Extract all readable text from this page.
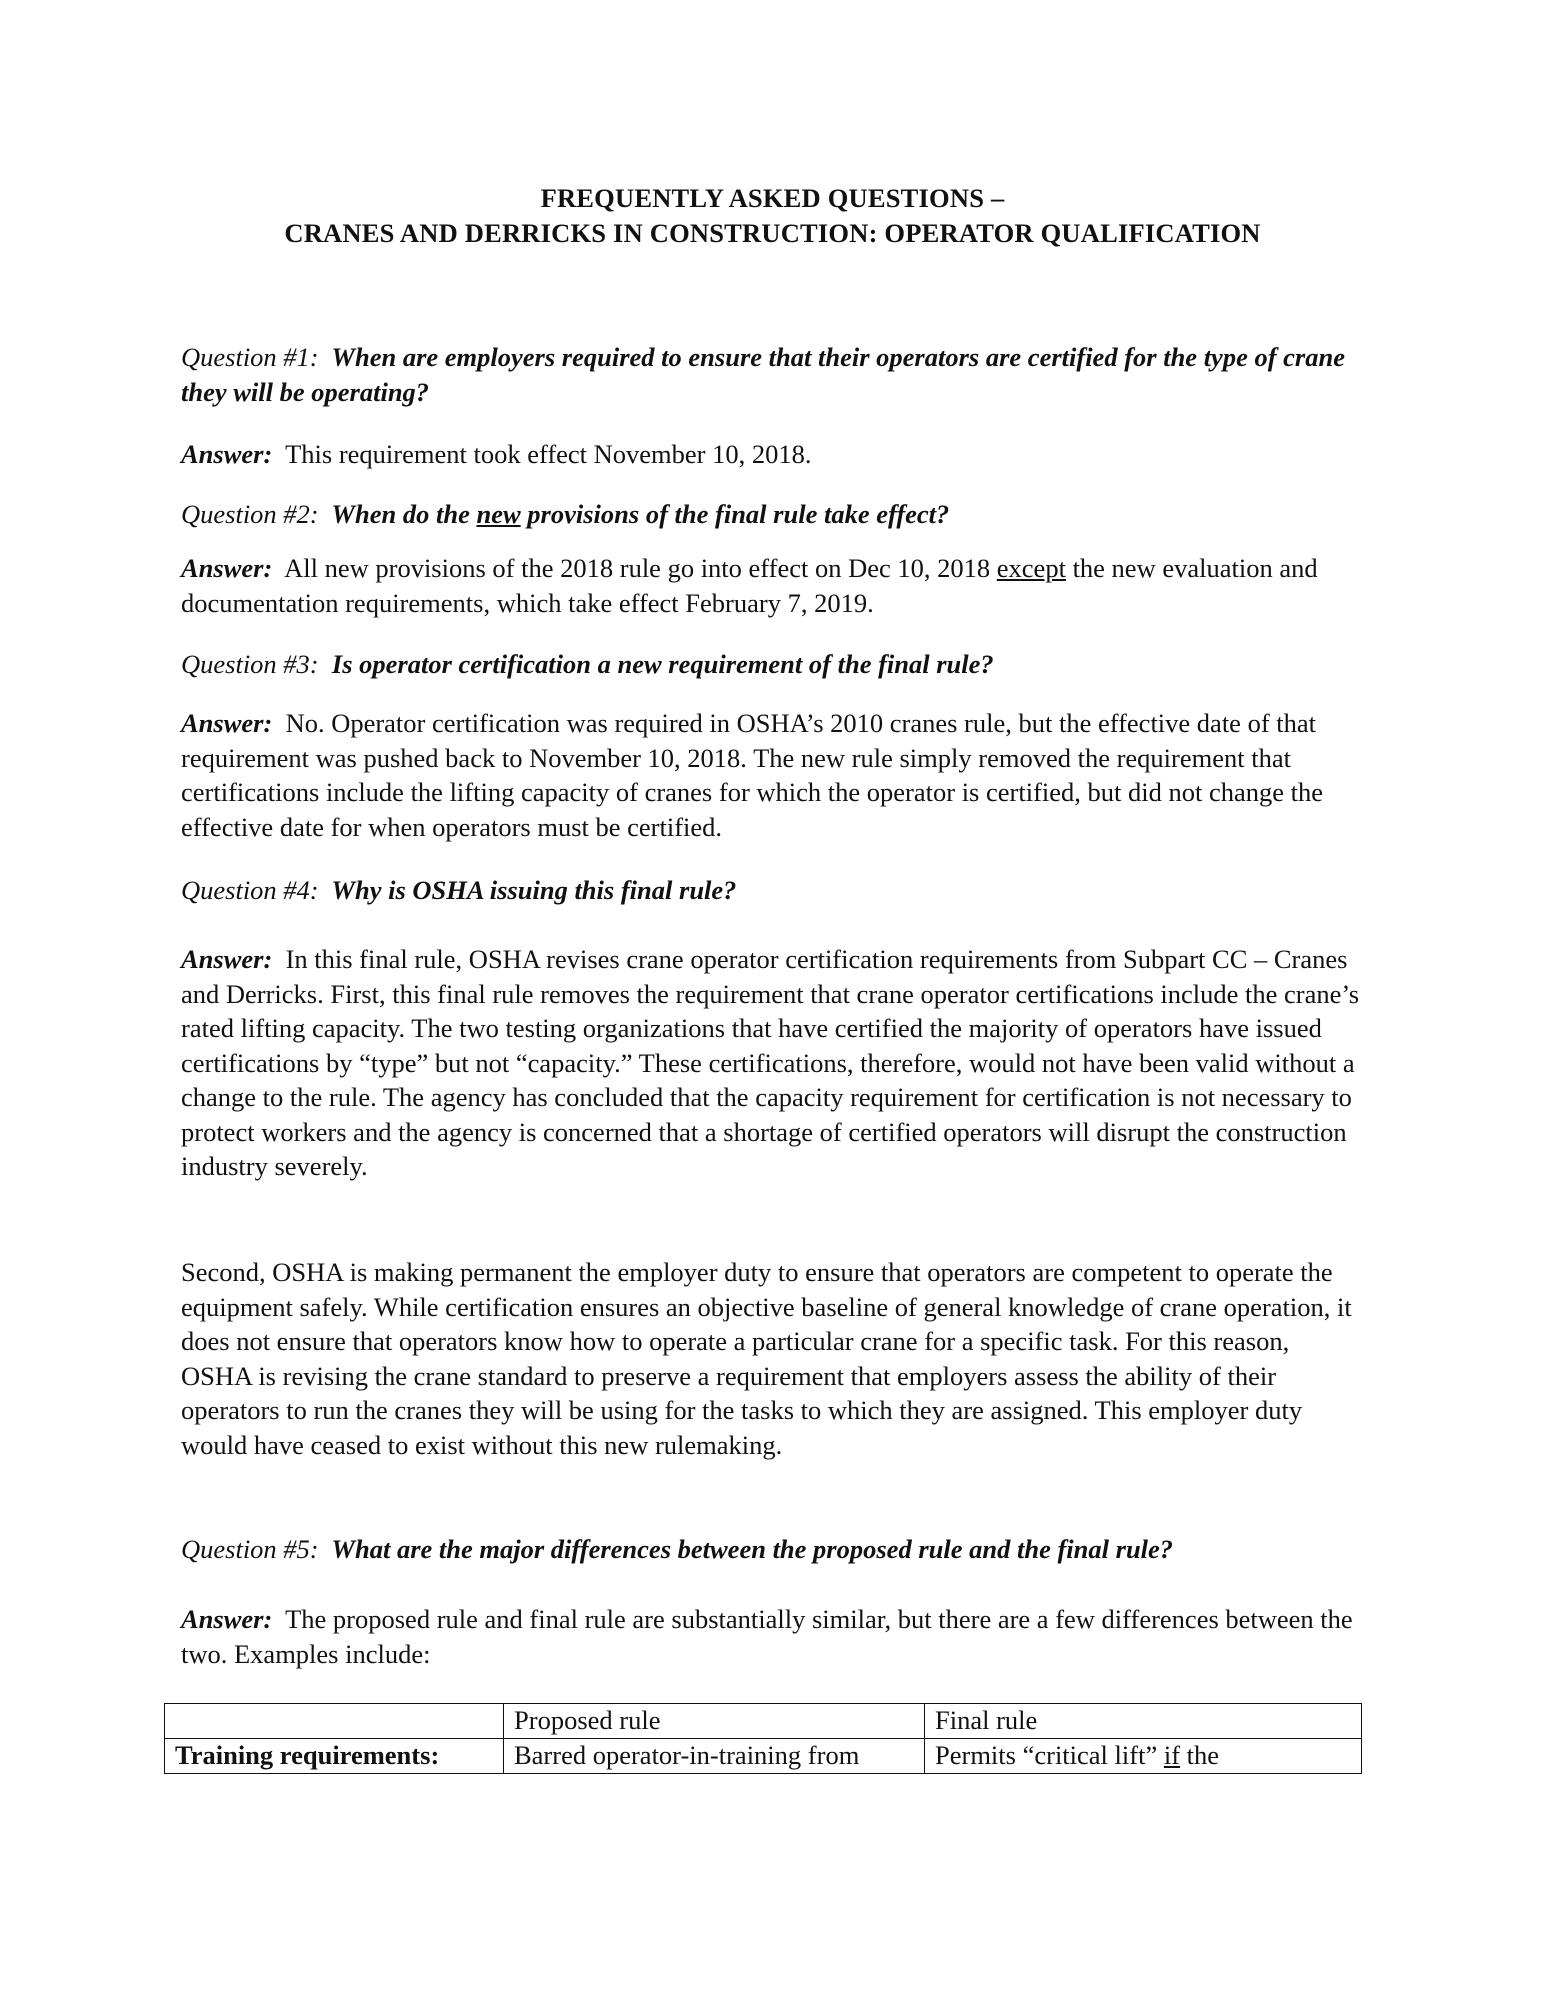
FREQUENTLY ASKED QUESTIONS –
CRANES AND DERRICKS IN CONSTRUCTION: OPERATOR QUALIFICATION

Question #1: When are employers required to ensure that their operators are certified for the type of crane they will be operating?

Answer: This requirement took effect November 10, 2018.

Question #2: When do the new provisions of the final rule take effect?

Answer: All new provisions of the 2018 rule go into effect on Dec 10, 2018 except the new evaluation and documentation requirements, which take effect February 7, 2019.

Question #3: Is operator certification a new requirement of the final rule?

Answer: No. Operator certification was required in OSHA’s 2010 cranes rule, but the effective date of that requirement was pushed back to November 10, 2018. The new rule simply removed the requirement that certifications include the lifting capacity of cranes for which the operator is certified, but did not change the effective date for when operators must be certified.

Question #4: Why is OSHA issuing this final rule?

Answer: In this final rule, OSHA revises crane operator certification requirements from Subpart CC – Cranes and Derricks. First, this final rule removes the requirement that crane operator certifications include the crane’s rated lifting capacity. The two testing organizations that have certified the majority of operators have issued certifications by “type” but not “capacity.” These certifications, therefore, would not have been valid without a change to the rule. The agency has concluded that the capacity requirement for certification is not necessary to protect workers and the agency is concerned that a shortage of certified operators will disrupt the construction industry severely.

Second, OSHA is making permanent the employer duty to ensure that operators are competent to operate the equipment safely. While certification ensures an objective baseline of general knowledge of crane operation, it does not ensure that operators know how to operate a particular crane for a specific task. For this reason, OSHA is revising the crane standard to preserve a requirement that employers assess the ability of their operators to run the cranes they will be using for the tasks to which they are assigned. This employer duty would have ceased to exist without this new rulemaking.

Question #5: What are the major differences between the proposed rule and the final rule?

Answer: The proposed rule and final rule are substantially similar, but there are a few differences between the two. Examples include:

	Proposed rule	Final rule
Training requirements:	Barred operator-in-training from	Permits “critical lift” if the
